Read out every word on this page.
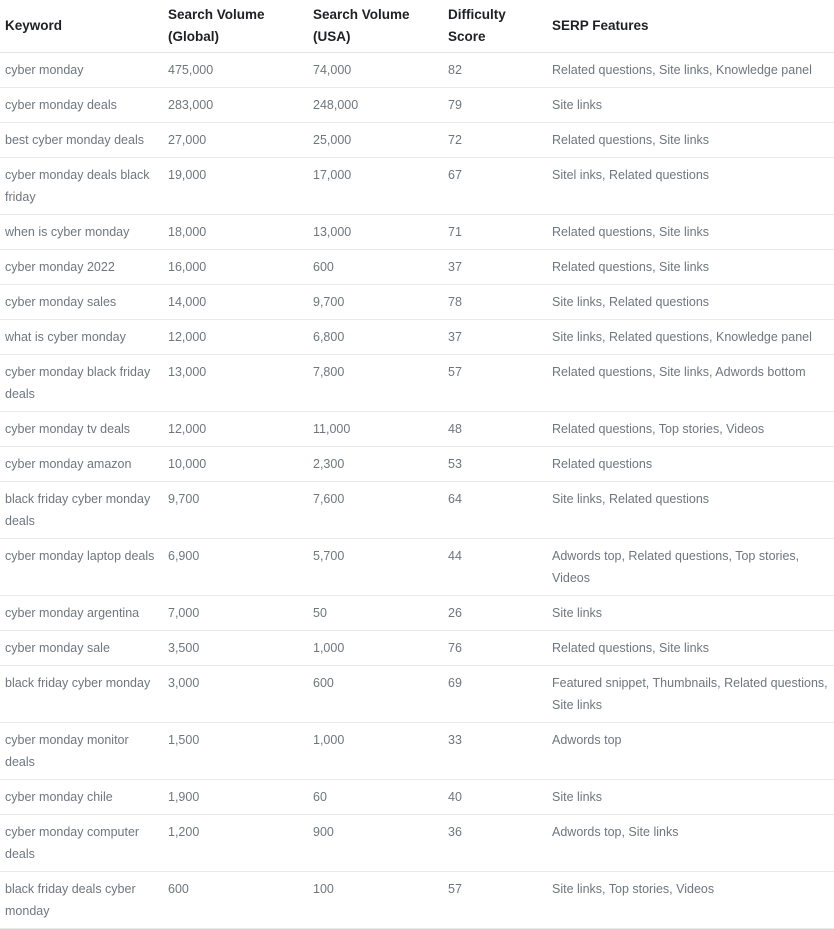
Keyword	Search Volume (Global)	Search Volume (USA)	Difficulty Score	SERP Features
cyber monday	475,000	74,000	82	Related questions, Site links, Knowledge panel
cyber monday deals	283,000	248,000	79	Site links
best cyber monday deals	27,000	25,000	72	Related questions, Site links
cyber monday deals black friday	19,000	17,000	67	Sitel inks, Related questions
when is cyber monday	18,000	13,000	71	Related questions, Site links
cyber monday 2022	16,000	600	37	Related questions, Site links
cyber monday sales	14,000	9,700	78	Site links, Related questions
what is cyber monday	12,000	6,800	37	Site links, Related questions, Knowledge panel
cyber monday black friday deals	13,000	7,800	57	Related questions, Site links, Adwords bottom
cyber monday tv deals	12,000	11,000	48	Related questions, Top stories, Videos
cyber monday amazon	10,000	2,300	53	Related questions
black friday cyber monday deals	9,700	7,600	64	Site links, Related questions
cyber monday laptop deals	6,900	5,700	44	Adwords top, Related questions, Top stories, Videos
cyber monday argentina	7,000	50	26	Site links
cyber monday sale	3,500	1,000	76	Related questions, Site links
black friday cyber monday	3,000	600	69	Featured snippet, Thumbnails, Related questions, Site links
cyber monday monitor deals	1,500	1,000	33	Adwords top
cyber monday chile	1,900	60	40	Site links
cyber monday computer deals	1,200	900	36	Adwords top, Site links
black friday deals cyber monday	600	100	57	Site links, Top stories, Videos
